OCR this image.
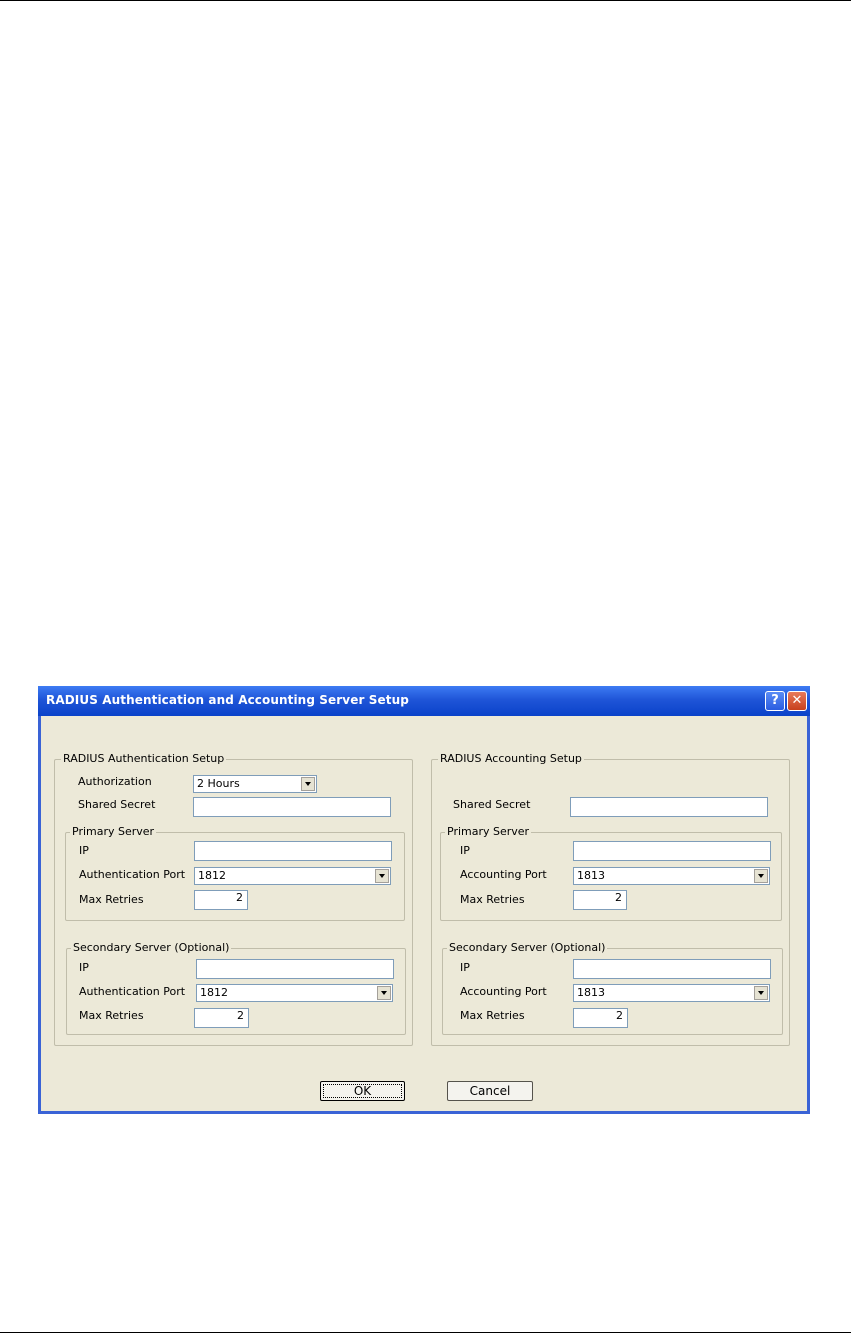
RADIUS Authentication and Accounting Server Setup	? ✕
RADIUS Authentication Setup
Authorization	2 Hours
Shared Secret
Primary Server
IP
Authentication Port	1812
Max Retries	2
Secondary Server (Optional)
IP
Authentication Port	1812
Max Retries	2
RADIUS Accounting Setup
Shared Secret
Primary Server
IP
Accounting Port	1813
Max Retries	2
Secondary Server (Optional)
IP
Accounting Port	1813
Max Retries	2
OK	Cancel
